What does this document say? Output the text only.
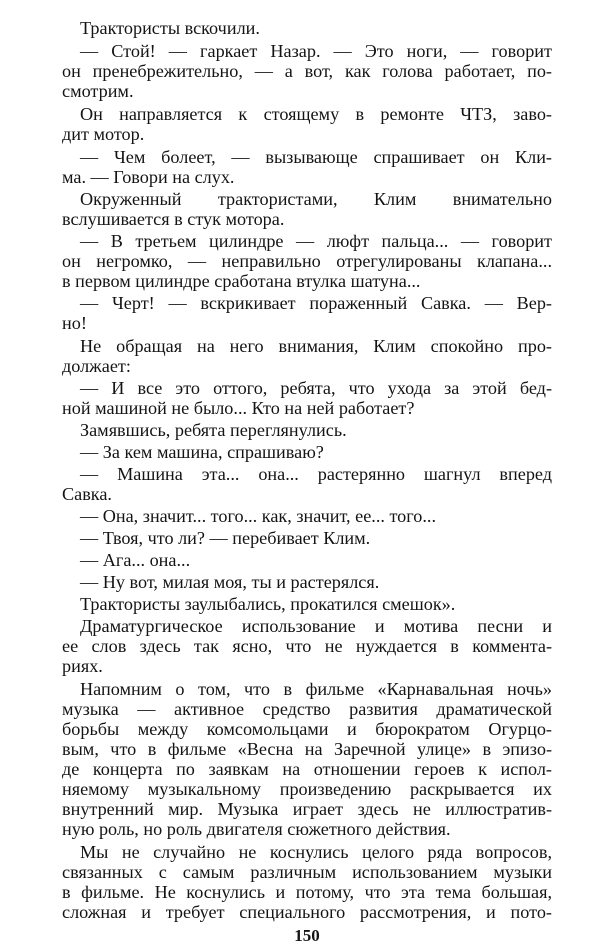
Трактористы вскочили.
— Стой! — гаркает Назар. — Это ноги, — говорит
он пренебрежительно, — а вот, как голова работает, по-
смотрим.
Он направляется к стоящему в ремонте ЧТЗ, заво-
дит мотор.
— Чем болеет, — вызывающе спрашивает он Кли-
ма. — Говори на слух.
Окруженный трактористами, Клим внимательно
вслушивается в стук мотора.
— В третьем цилиндре — люфт пальца... — говорит
он негромко, — неправильно отрегулированы клапана...
в первом цилиндре сработана втулка шатуна...
— Черт! — вскрикивает пораженный Савка. — Вер-
но!
Не обращая на него внимания, Клим спокойно про-
должает:
— И все это оттого, ребята, что ухода за этой бед-
ной машиной не было... Кто на ней работает?
Замявшись, ребята переглянулись.
— За кем машина, спрашиваю?
— Машина эта... она... растерянно шагнул вперед
Савка.
— Она, значит... того... как, значит, ее... того...
— Твоя, что ли? — перебивает Клим.
— Ага... она...
— Ну вот, милая моя, ты и растерялся.
Трактористы заулыбались, прокатился смешок».
Драматургическое использование и мотива песни и
ее слов здесь так ясно, что не нуждается в коммента-
риях.
Напомним о том, что в фильме «Карнавальная ночь»
музыка — активное средство развития драматической
борьбы между комсомольцами и бюрократом Огурцо-
вым, что в фильме «Весна на Заречной улице» в эпизо-
де концерта по заявкам на отношении героев к испол-
няемому музыкальному произведению раскрывается их
внутренний мир. Музыка играет здесь не иллюстратив-
ную роль, но роль двигателя сюжетного действия.
Мы не случайно не коснулись целого ряда вопросов,
связанных с самым различным использованием музыки
в фильме. Не коснулись и потому, что эта тема большая,
сложная и требует специального рассмотрения, и пото-
150
